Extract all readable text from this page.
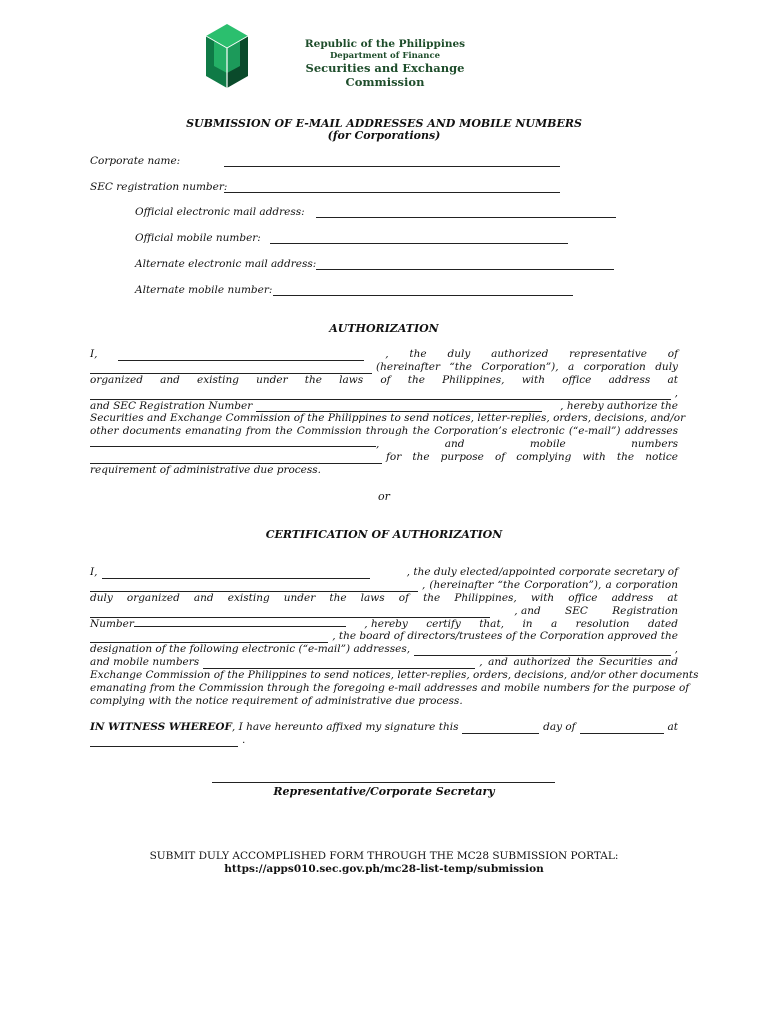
Republic of the Philippines
Department of Finance
Securities and Exchange Commission
SUBMISSION OF E-MAIL ADDRESSES AND MOBILE NUMBERS
(for Corporations)
Corporate name:
SEC registration number:
Official electronic mail address:
Official mobile number:
Alternate electronic mail address:
Alternate mobile number:
AUTHORIZATION
I,	, the duly authorized representative of
(hereinafter “the Corporation”), a corporation duly
organized and existing under the laws of the Philippines, with office address at
,
and SEC Registration Number	, hereby authorize the
Securities and Exchange Commission of the Philippines to send notices, letter-replies, orders, decisions, and/or
other documents emanating from the Commission through the Corporation’s electronic (“e-mail”) addresses
,	and	mobile	numbers
for the purpose of complying with the notice
requirement of administrative due process.
or
CERTIFICATION OF AUTHORIZATION
I,	, the duly elected/appointed corporate secretary of
, (hereinafter “the Corporation”), a corporation
duly organized and existing under the laws of the Philippines, with office address at
, and SEC Registration
Number	, hereby certify that, in a resolution dated
, the board of directors/trustees of the Corporation approved the
designation of the following electronic (“e-mail”) addresses,	,
and mobile numbers	, and authorized the Securities and
Exchange Commission of the Philippines to send notices, letter-replies, orders, decisions, and/or other documents
emanating from the Commission through the foregoing e-mail addresses and mobile numbers for the purpose of
complying with the notice requirement of administrative due process.
IN WITNESS WHEREOF , I have hereunto affixed my signature this	day of	at
.
Representative/Corporate Secretary
SUBMIT DULY ACCOMPLISHED FORM THROUGH THE MC28 SUBMISSION PORTAL:
https://apps010.sec.gov.ph/mc28-list-temp/submission
